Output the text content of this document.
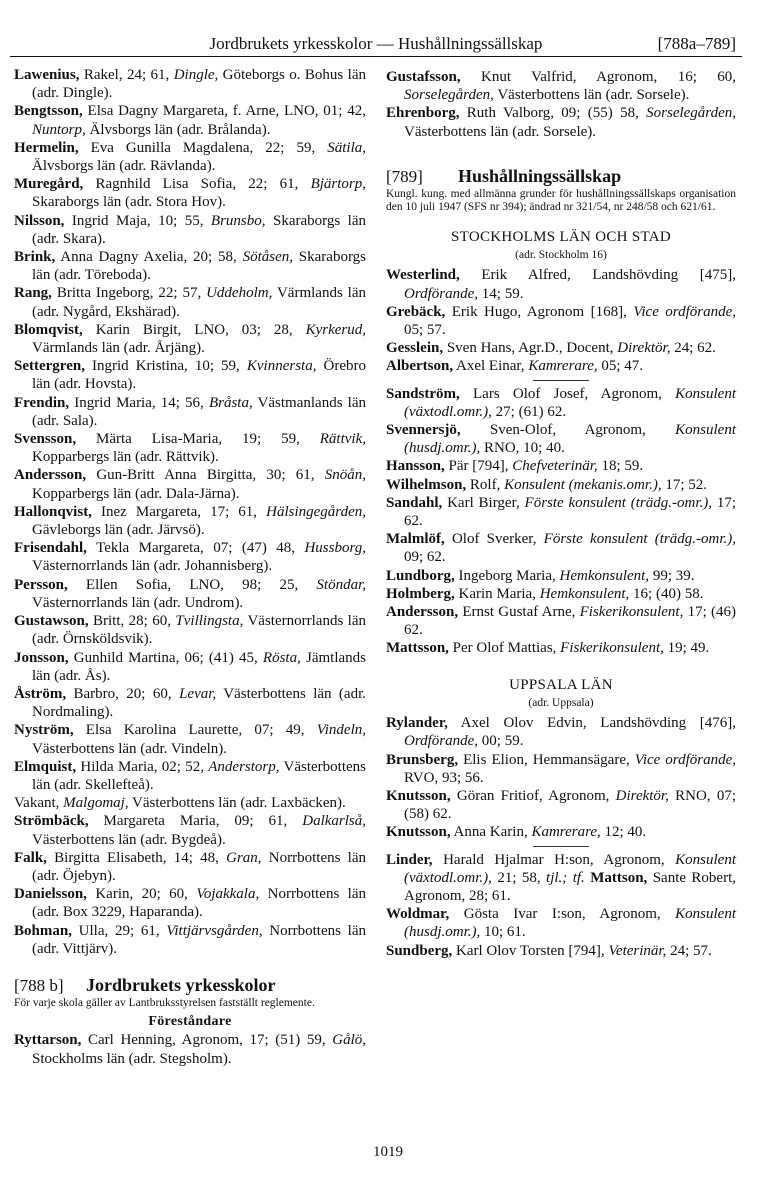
Jordbrukets yrkesskolor — Hushållningssällskap	[788a–789]
Lawenius, Rakel, 24; 61, Dingle, Göteborgs o. Bohus län (adr. Dingle).
Bengtsson, Elsa Dagny Margareta, f. Arne, LNO, 01; 42, Nuntorp, Älvsborgs län (adr. Brålanda).
Hermelin, Eva Gunilla Magdalena, 22; 59, Sätila, Älvsborgs län (adr. Rävlanda).
Muregård, Ragnhild Lisa Sofia, 22; 61, Bjärtorp, Skaraborgs län (adr. Stora Hov).
Nilsson, Ingrid Maja, 10; 55, Brunsbo, Skaraborgs län (adr. Skara).
Brink, Anna Dagny Axelia, 20; 58, Sötåsen, Skaraborgs län (adr. Töreboda).
Rang, Britta Ingeborg, 22; 57, Uddeholm, Värmlands län (adr. Nygård, Ekshärad).
Blomqvist, Karin Birgit, LNO, 03; 28, Kyrkerud, Värmlands län (adr. Årjäng).
Settergren, Ingrid Kristina, 10; 59, Kvinnersta, Örebro län (adr. Hovsta).
Frendin, Ingrid Maria, 14; 56, Bråsta, Västmanlands län (adr. Sala).
Svensson, Märta Lisa-Maria, 19; 59, Rättvik, Kopparbergs län (adr. Rättvik).
Andersson, Gun-Britt Anna Birgitta, 30; 61, Snöån, Kopparbergs län (adr. Dala-Järna).
Hallonqvist, Inez Margareta, 17; 61, Hälsingegården, Gävleborgs län (adr. Järvsö).
Frisendahl, Tekla Margareta, 07; (47) 48, Hussborg, Västernorrlands län (adr. Johannisberg).
Persson, Ellen Sofia, LNO, 98; 25, Stöndar, Västernorrlands län (adr. Undrom).
Gustawson, Britt, 28; 60, Tvillingsta, Västernorrlands län (adr. Örnsköldsvik).
Jonsson, Gunhild Martina, 06; (41) 45, Rösta, Jämtlands län (adr. Ås).
Åström, Barbro, 20; 60, Levar, Västerbottens län (adr. Nordmaling).
Nyström, Elsa Karolina Laurette, 07; 49, Vindeln, Västerbottens län (adr. Vindeln).
Elmquist, Hilda Maria, 02; 52, Anderstorp, Västerbottens län (adr. Skellefteå).
Vakant, Malgomaj, Västerbottens län (adr. Laxbäcken).
Strömbäck, Margareta Maria, 09; 61, Dalkarlså, Västerbottens län (adr. Bygdeå).
Falk, Birgitta Elisabeth, 14; 48, Gran, Norrbottens län (adr. Öjebyn).
Danielsson, Karin, 20; 60, Vojakkala, Norrbottens län (adr. Box 3229, Haparanda).
Bohman, Ulla, 29; 61, Vittjärvsgården, Norrbottens län (adr. Vittjärv).
[788 b]	Jordbrukets yrkesskolor
För varje skola gäller av Lantbruksstyrelsen fastställt reglemente.
Föreståndare
Ryttarson, Carl Henning, Agronom, 17; (51) 59, Gålö, Stockholms län (adr. Stegsholm).
Gustafsson, Knut Valfrid, Agronom, 16; 60, Sorselegården, Västerbottens län (adr. Sorsele).
Ehrenborg, Ruth Valborg, 09; (55) 58, Sorselegården, Västerbottens län (adr. Sorsele).
[789]	Hushållningssällskap
Kungl. kung. med allmänna grunder för hushållningssällskaps organisation den 10 juli 1947 (SFS nr 394); ändrad nr 321/54, nr 248/58 och 621/61.
STOCKHOLMS LÄN OCH STAD
(adr. Stockholm 16)
Westerlind, Erik Alfred, Landshövding [475], Ordförande, 14; 59.
Grebäck, Erik Hugo, Agronom [168], Vice ordförande, 05; 57.
Gesslein, Sven Hans, Agr.D., Docent, Direktör, 24; 62.
Albertson, Axel Einar, Kamrerare, 05; 47.
Sandström, Lars Olof Josef, Agronom, Konsulent (växtodl.omr.), 27; (61) 62.
Svennersjö, Sven-Olof, Agronom, Konsulent (husdj.omr.), RNO, 10; 40.
Hansson, Pär [794], Chefveterinär, 18; 59.
Wilhelmson, Rolf, Konsulent (mekanis.omr.), 17; 52.
Sandahl, Karl Birger, Förste konsulent (trädg.-omr.), 17; 62.
Malmlöf, Olof Sverker, Förste konsulent (trädg.-omr.), 09; 62.
Lundborg, Ingeborg Maria, Hemkonsulent, 99; 39.
Holmberg, Karin Maria, Hemkonsulent, 16; (40) 58.
Andersson, Ernst Gustaf Arne, Fiskerikonsulent, 17; (46) 62.
Mattsson, Per Olof Mattias, Fiskerikonsulent, 19; 49.
UPPSALA LÄN
(adr. Uppsala)
Rylander, Axel Olov Edvin, Landshövding [476], Ordförande, 00; 59.
Brunsberg, Elis Elion, Hemmansägare, Vice ordförande, RVO, 93; 56.
Knutsson, Göran Fritiof, Agronom, Direktör, RNO, 07; (58) 62.
Knutsson, Anna Karin, Kamrerare, 12; 40.
Linder, Harald Hjalmar H:son, Agronom, Konsulent (växtodl.omr.), 21; 58, tjl.; tf. Mattson, Sante Robert, Agronom, 28; 61.
Woldmar, Gösta Ivar I:son, Agronom, Konsulent (husdj.omr.), 10; 61.
Sundberg, Karl Olov Torsten [794], Veterinär, 24; 57.
1019
